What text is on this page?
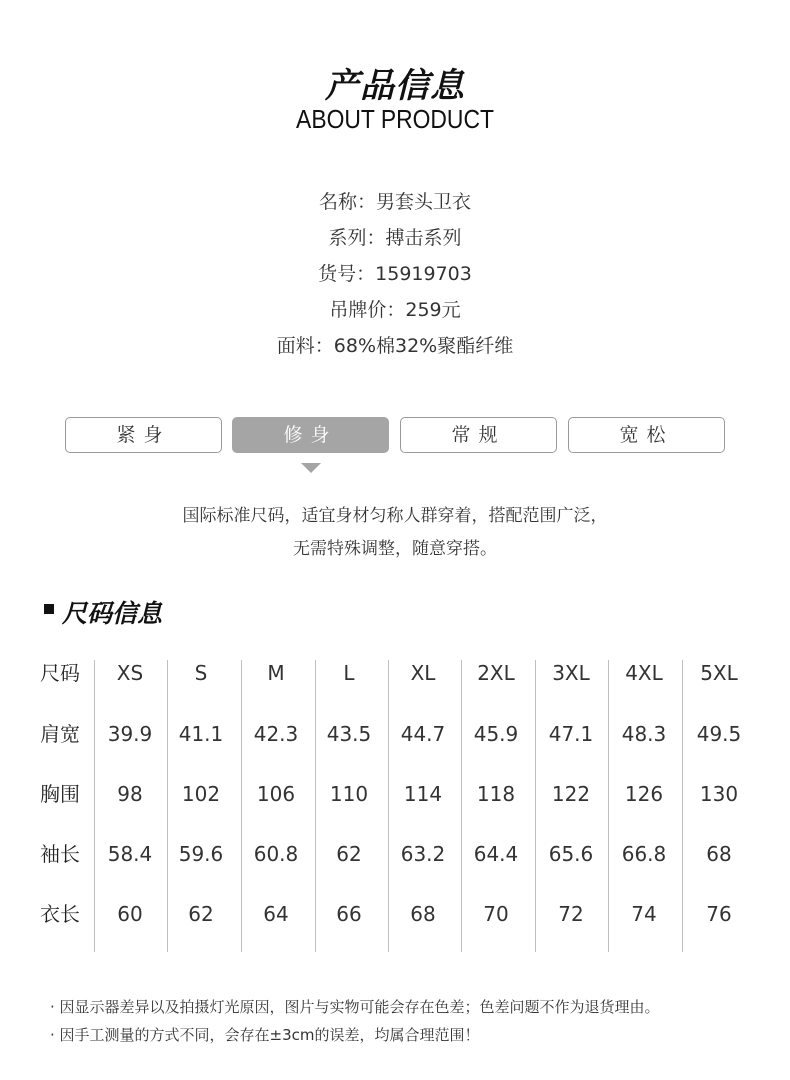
产品信息
ABOUT PRODUCT
名称：男套头卫衣
系列：搏击系列
货号：15919703
吊牌价：259元
面料：68%棉32%聚酯纤维
紧身	修身	常规	宽松
国际标准尺码，适宜身材匀称人群穿着，搭配范围广泛，
无需特殊调整，随意穿搭。
尺码信息
尺码	XS	S	M	L	XL	2XL	3XL	4XL	5XL
肩宽	39.9	41.1	42.3	43.5	44.7	45.9	47.1	48.3	49.5
胸围	98	102	106	110	114	118	122	126	130
袖长	58.4	59.6	60.8	62	63.2	64.4	65.6	66.8	68
衣长	60	62	64	66	68	70	72	74	76
· 因显示器差异以及拍摄灯光原因，图片与实物可能会存在色差；色差问题不作为退货理由。
· 因手工测量的方式不同，会存在±3cm的误差，均属合理范围！
